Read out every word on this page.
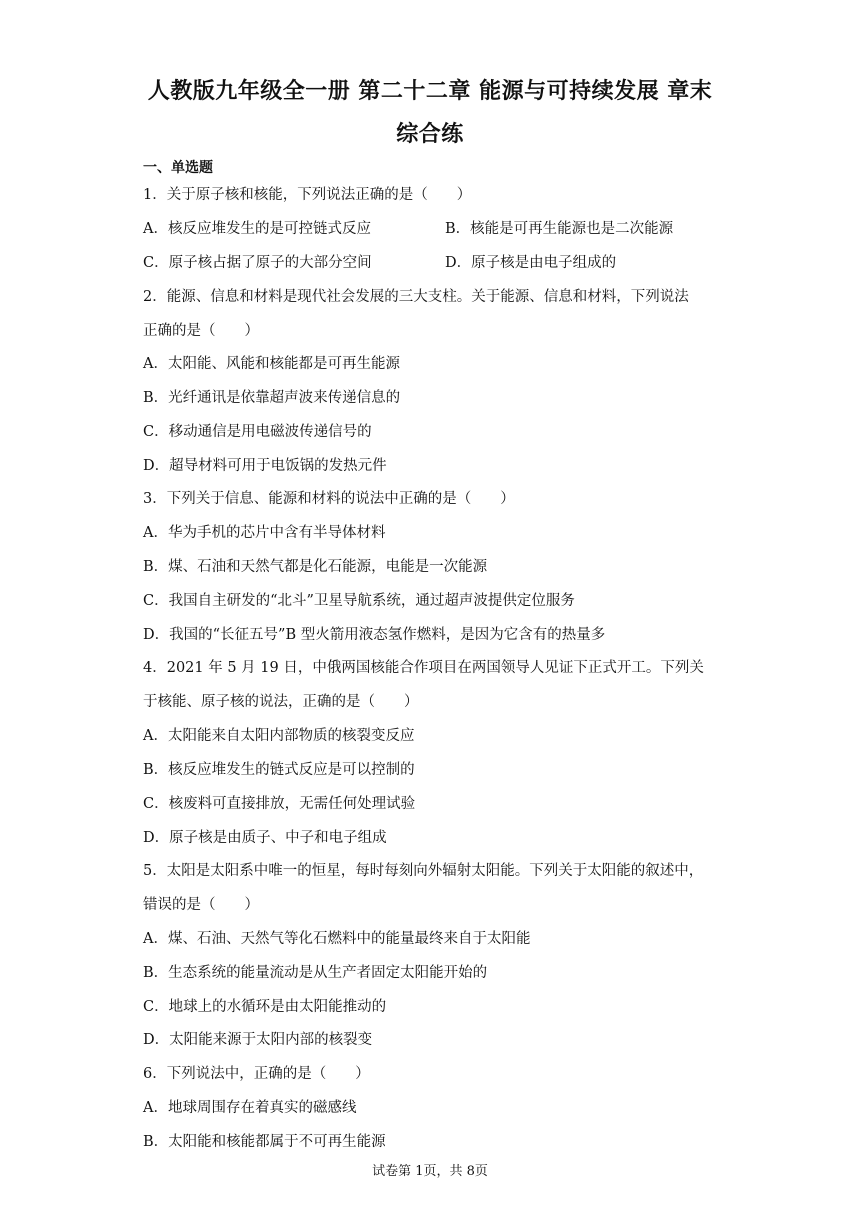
人教版九年级全一册 第二十二章 能源与可持续发展 章末
综合练
一、单选题
1．关于原子核和核能，下列说法正确的是（　　）
A．核反应堆发生的是可控链式反应	B．核能是可再生能源也是二次能源
C．原子核占据了原子的大部分空间	D．原子核是由电子组成的
2．能源、信息和材料是现代社会发展的三大支柱。关于能源、信息和材料，下列说法
正确的是（　　）
A．太阳能、风能和核能都是可再生能源
B．光纤通讯是依靠超声波来传递信息的
C．移动通信是用电磁波传递信号的
D．超导材料可用于电饭锅的发热元件
3．下列关于信息、能源和材料的说法中正确的是（　　）
A．华为手机的芯片中含有半导体材料
B．煤、石油和天然气都是化石能源，电能是一次能源
C．我国自主研发的“北斗”卫星导航系统，通过超声波提供定位服务
D．我国的“长征五号”B 型火箭用液态氢作燃料，是因为它含有的热量多
4．2021 年 5 月 19 日，中俄两国核能合作项目在两国领导人见证下正式开工。下列关
于核能、原子核的说法，正确的是（　　）
A．太阳能来自太阳内部物质的核裂变反应
B．核反应堆发生的链式反应是可以控制的
C．核废料可直接排放，无需任何处理试验
D．原子核是由质子、中子和电子组成
5．太阳是太阳系中唯一的恒星，每时每刻向外辐射太阳能。下列关于太阳能的叙述中，
错误的是（　　）
A．煤、石油、天然气等化石燃料中的能量最终来自于太阳能
B．生态系统的能量流动是从生产者固定太阳能开始的
C．地球上的水循环是由太阳能推动的
D．太阳能来源于太阳内部的核裂变
6．下列说法中，正确的是（　　）
A．地球周围存在着真实的磁感线
B．太阳能和核能都属于不可再生能源
试卷第 1页，共 8页
